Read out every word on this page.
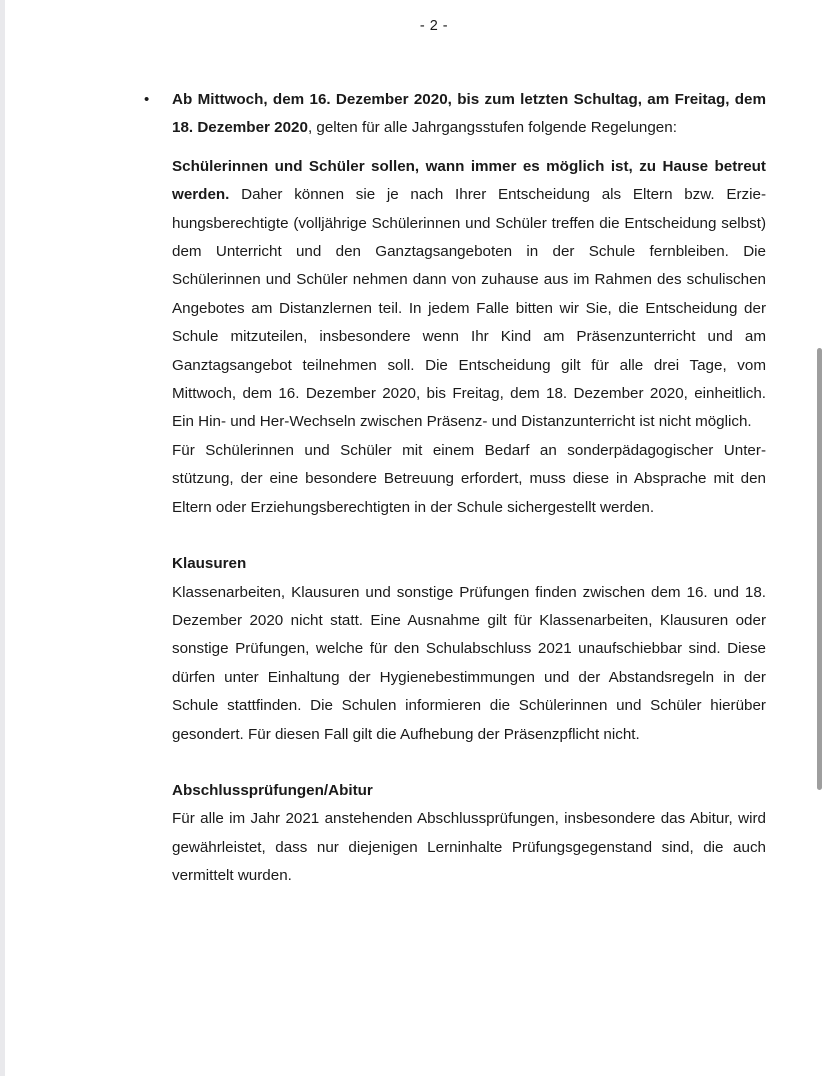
- 2 -
• Ab Mittwoch, dem 16. Dezember 2020, bis zum letzten Schultag, am Freitag, dem 18. Dezember 2020, gelten für alle Jahrgangsstufen folgende Regelungen:

Schülerinnen und Schüler sollen, wann immer es möglich ist, zu Hause betreut werden. Daher können sie je nach Ihrer Entscheidung als Eltern bzw. Erziehungsberechtigte (volljährige Schülerinnen und Schüler treffen die Entscheidung selbst) dem Unterricht und den Ganztagsangeboten in der Schule fernbleiben. Die Schülerinnen und Schüler nehmen dann von zuhause aus im Rahmen des schulischen Angebotes am Distanzlernen teil. In jedem Falle bitten wir Sie, die Entscheidung der Schule mitzuteilen, insbesondere wenn Ihr Kind am Präsenzunterricht und am Ganztagsangebot teilnehmen soll. Die Entscheidung gilt für alle drei Tage, vom Mittwoch, dem 16. Dezember 2020, bis Freitag, dem 18. Dezember 2020, einheitlich. Ein Hin- und Her-Wechseln zwischen Präsenz- und Distanzunterricht ist nicht möglich.

Für Schülerinnen und Schüler mit einem Bedarf an sonderpädagogischer Unterstützung, der eine besondere Betreuung erfordert, muss diese in Absprache mit den Eltern oder Erziehungsberechtigten in der Schule sichergestellt werden.

Klausuren

Klassenarbeiten, Klausuren und sonstige Prüfungen finden zwischen dem 16. und 18. Dezember 2020 nicht statt. Eine Ausnahme gilt für Klassenarbeiten, Klausuren oder sonstige Prüfungen, welche für den Schulabschluss 2021 unaufschiebbar sind. Diese dürfen unter Einhaltung der Hygienebestimmungen und der Abstandsregeln in der Schule stattfinden. Die Schulen informieren die Schülerinnen und Schüler hierüber gesondert. Für diesen Fall gilt die Aufhebung der Präsenzpflicht nicht.

Abschlussprüfungen/Abitur

Für alle im Jahr 2021 anstehenden Abschlussprüfungen, insbesondere das Abitur, wird gewährleistet, dass nur diejenigen Lerninhalte Prüfungsgegenstand sind, die auch vermittelt wurden.
